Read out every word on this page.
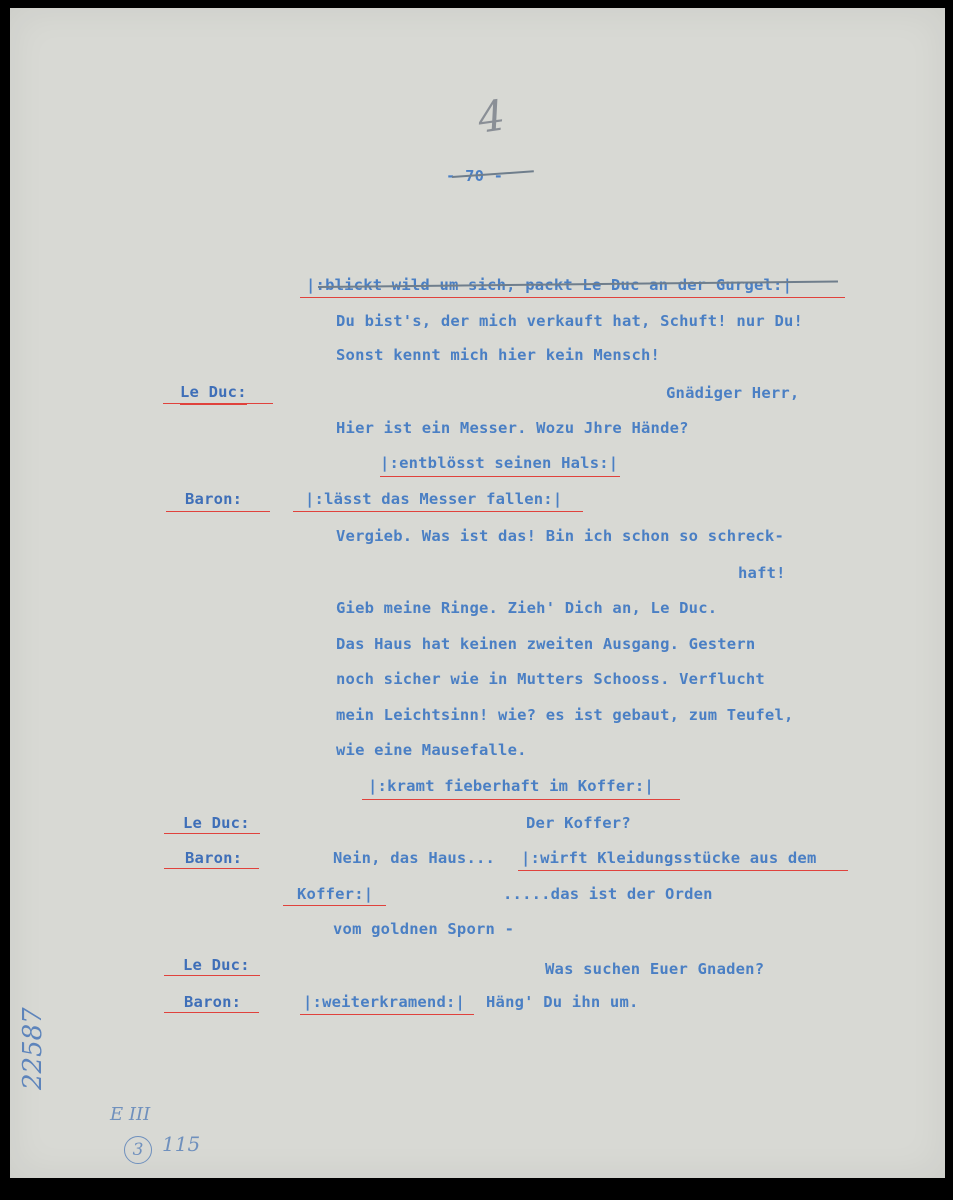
4
- 70 -
|:blickt wild um sich, packt Le Duc an der Gurgel:|
Du bist's, der mich verkauft hat, Schuft! nur Du!
Sonst kennt mich hier kein Mensch!
Le Duc:	Gnädiger Herr,
Hier ist ein Messer. Wozu Jhre Hände?
|:entblösst seinen Hals:|
Baron:	|:lässt das Messer fallen:|
Vergieb. Was ist das! Bin ich schon so schreck-
haft!
Gieb meine Ringe. Zieh' Dich an, Le Duc.
Das Haus hat keinen zweiten Ausgang. Gestern
noch sicher wie in Mutters Schooss. Verflucht
mein Leichtsinn! wie? es ist gebaut, zum Teufel,
wie eine Mausefalle.
|:kramt fieberhaft im Koffer:|
Le Duc:	Der Koffer?
Baron:	Nein, das Haus... |:wirft Kleidungsstücke aus dem
Koffer:|	.....das ist der Orden
vom goldnen Sporn -
Le Duc:	Was suchen Euer Gnaden?
Baron:	|:weiterkramend:| Häng' Du ihn um.
22587
E III
3 115
